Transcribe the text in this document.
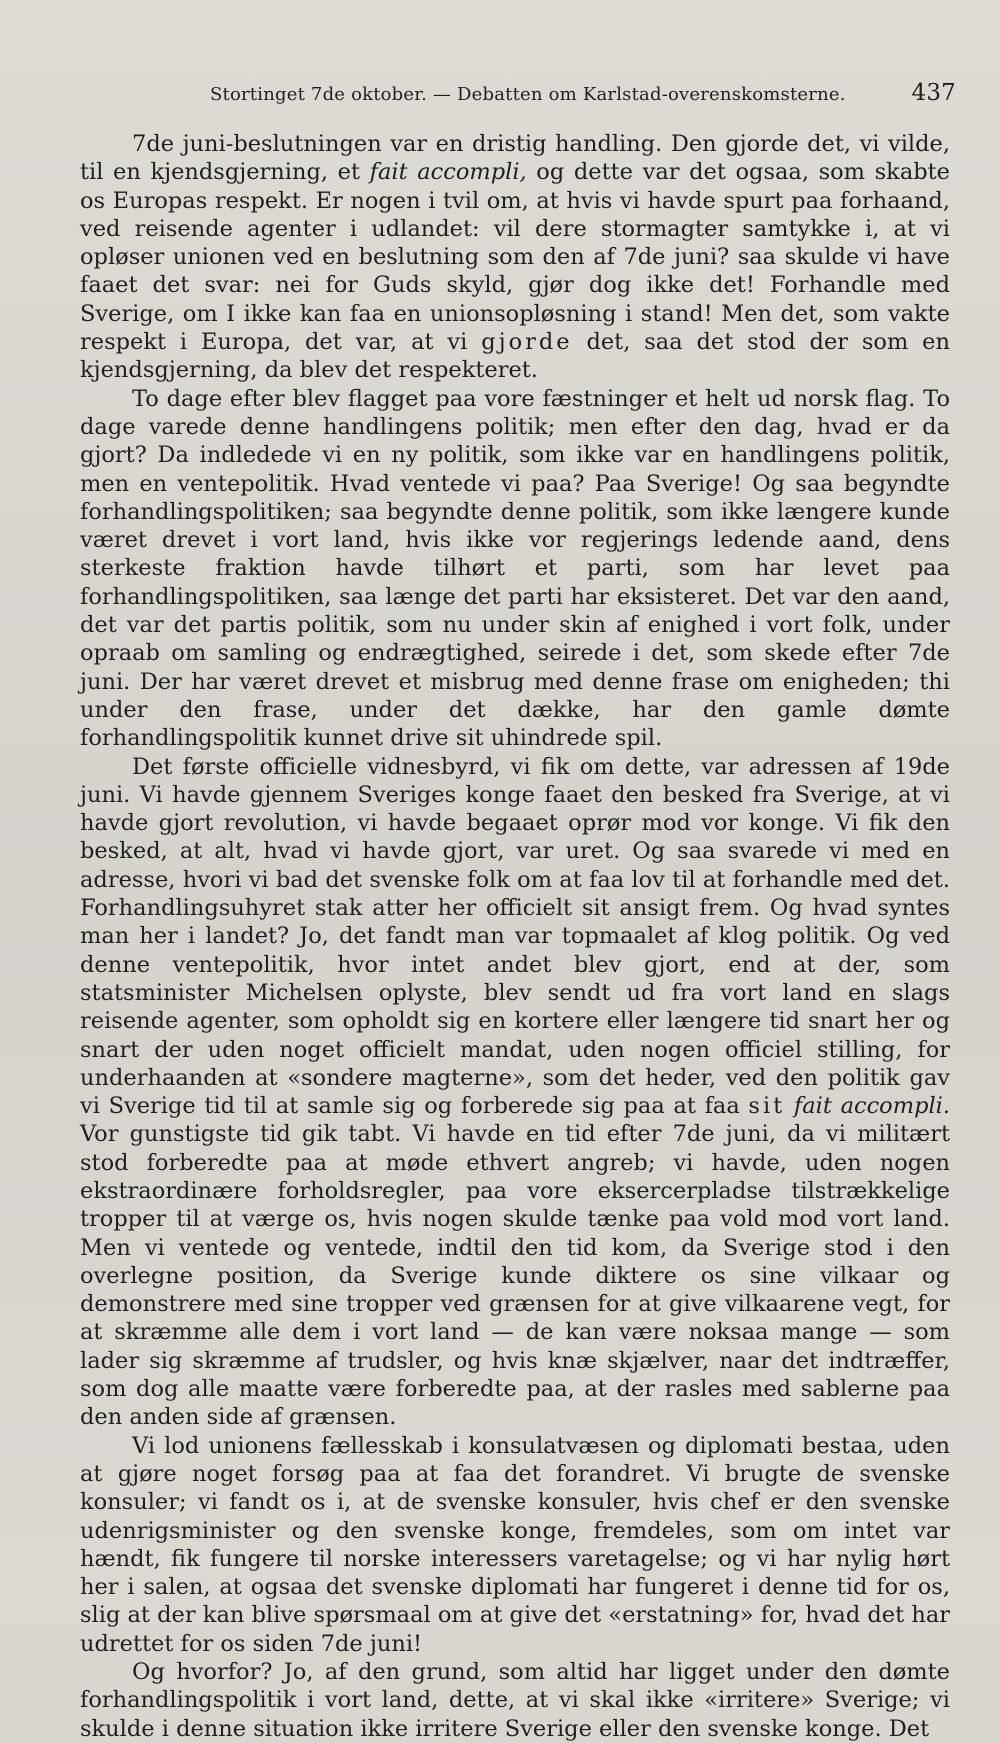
Stortinget 7de oktober. — Debatten om Karlstad-overenskomsterne.	437

7de juni-beslutningen var en dristig handling. Den gjorde det, vi vilde, til en kjendsgjerning, et fait accompli, og dette var det ogsaa, som skabte os Europas respekt. Er nogen i tvil om, at hvis vi havde spurt paa forhaand, ved reisende agenter i udlandet: vil dere stormagter samtykke i, at vi opløser unionen ved en beslutning som den af 7de juni? saa skulde vi have faaet det svar: nei for Guds skyld, gjør dog ikke det! Forhandle med Sverige, om I ikke kan faa en unionsopløsning i stand! Men det, som vakte respekt i Europa, det var, at vi gjorde det, saa det stod der som en kjendsgjerning, da blev det respekteret.

To dage efter blev flagget paa vore fæstninger et helt ud norsk flag. To dage varede denne handlingens politik; men efter den dag, hvad er da gjort? Da indledede vi en ny politik, som ikke var en handlingens politik, men en ventepolitik. Hvad ventede vi paa? Paa Sverige! Og saa begyndte forhandlingspolitiken; saa begyndte denne politik, som ikke længere kunde været drevet i vort land, hvis ikke vor regjerings ledende aand, dens sterkeste fraktion havde tilhørt et parti, som har levet paa forhandlingspolitiken, saa længe det parti har eksisteret. Det var den aand, det var det partis politik, som nu under skin af enighed i vort folk, under opraab om samling og endrægtighed, seirede i det, som skede efter 7de juni. Der har været drevet et misbrug med denne frase om enigheden; thi under den frase, under det dække, har den gamle dømte forhandlingspolitik kunnet drive sit uhindrede spil.

Det første officielle vidnesbyrd, vi fik om dette, var adressen af 19de juni. Vi havde gjennem Sveriges konge faaet den besked fra Sverige, at vi havde gjort revolution, vi havde begaaet oprør mod vor konge. Vi fik den besked, at alt, hvad vi havde gjort, var uret. Og saa svarede vi med en adresse, hvori vi bad det svenske folk om at faa lov til at forhandle med det. Forhandlingsuhyret stak atter her officielt sit ansigt frem. Og hvad syntes man her i landet? Jo, det fandt man var topmaalet af klog politik. Og ved denne ventepolitik, hvor intet andet blev gjort, end at der, som statsminister Michelsen oplyste, blev sendt ud fra vort land en slags reisende agenter, som opholdt sig en kortere eller længere tid snart her og snart der uden noget officielt mandat, uden nogen officiel stilling, for underhaanden at «sondere magterne», som det heder, ved den politik gav vi Sverige tid til at samle sig og forberede sig paa at faa sit fait accompli. Vor gunstigste tid gik tabt. Vi havde en tid efter 7de juni, da vi militært stod forberedte paa at møde ethvert angreb; vi havde, uden nogen ekstraordinære forholdsregler, paa vore eksercerpladse tilstrækkelige tropper til at værge os, hvis nogen skulde tænke paa vold mod vort land. Men vi ventede og ventede, indtil den tid kom, da Sverige stod i den overlegne position, da Sverige kunde diktere os sine vilkaar og demonstrere med sine tropper ved grænsen for at give vilkaarene vegt, for at skræmme alle dem i vort land — de kan være noksaa mange — som lader sig skræmme af trudsler, og hvis knæ skjælver, naar det indtræffer, som dog alle maatte være forberedte paa, at der rasles med sablerne paa den anden side af grænsen.

Vi lod unionens fællesskab i konsulatvæsen og diplomati bestaa, uden at gjøre noget forsøg paa at faa det forandret. Vi brugte de svenske konsuler; vi fandt os i, at de svenske konsuler, hvis chef er den svenske udenrigsminister og den svenske konge, fremdeles, som om intet var hændt, fik fungere til norske interessers varetagelse; og vi har nylig hørt her i salen, at ogsaa det svenske diplomati har fungeret i denne tid for os, slig at der kan blive spørsmaal om at give det «erstatning» for, hvad det har udrettet for os siden 7de juni!

Og hvorfor? Jo, af den grund, som altid har ligget under den dømte forhandlingspolitik i vort land, dette, at vi skal ikke «irritere» Sverige; vi skulde i denne situation ikke irritere Sverige eller den svenske konge. Det
